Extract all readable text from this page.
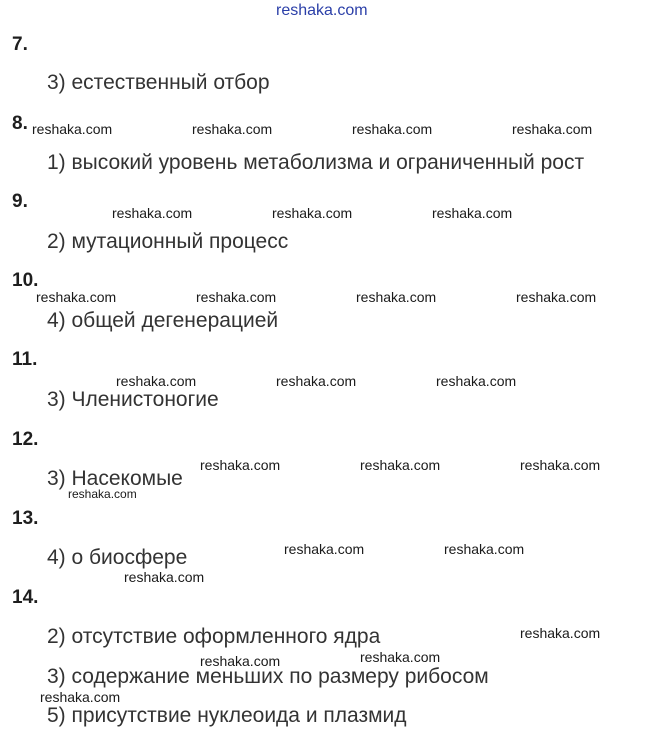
reshaka.com
7.
3) естественный отбор
8.
1) высокий уровень метаболизма и ограниченный рост
9.
2) мутационный процесс
10.
4) общей дегенерацией
11.
3) Членистоногие
12.
3) Насекомые
13.
4) о биосфере
14.
2) отсутствие оформленного ядра
3) содержание меньших по размеру рибосом
5) присутствие нуклеоида и плазмид
reshaka.com	reshaka.com	reshaka.com	reshaka.com
reshaka.com	reshaka.com	reshaka.com
reshaka.com	reshaka.com	reshaka.com	reshaka.com
reshaka.com	reshaka.com	reshaka.com
reshaka.com	reshaka.com	reshaka.com
reshaka.com
reshaka.com	reshaka.com
reshaka.com
reshaka.com
reshaka.com	reshaka.com
reshaka.com
